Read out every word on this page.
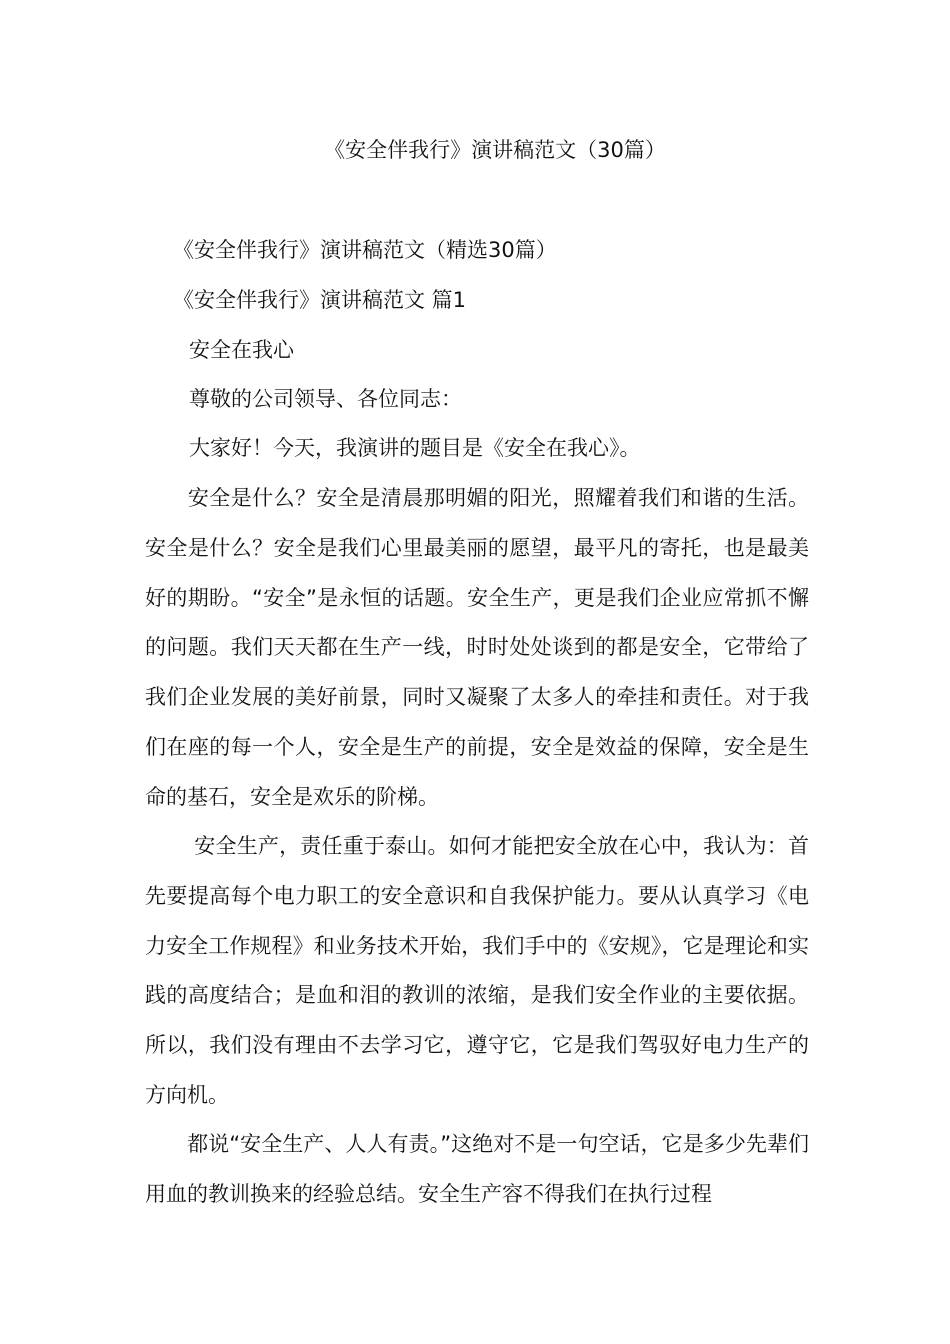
《安全伴我行》演讲稿范文（30篇）
《安全伴我行》演讲稿范文（精选30篇）
《安全伴我行》演讲稿范文 篇1
安全在我心
尊敬的公司领导、各位同志：
大家好！今天，我演讲的题目是《安全在我心》。
　　安全是什么？安全是清晨那明媚的阳光，照耀着我们和谐的生活。安全是什么？安全是我们心里最美丽的愿望，最平凡的寄托，也是最美好的期盼。“安全”是永恒的话题。安全生产，更是我们企业应常抓不懈的问题。我们天天都在生产一线，时时处处谈到的都是安全，它带给了我们企业发展的美好前景，同时又凝聚了太多人的牵挂和责任。对于我们在座的每一个人，安全是生产的前提，安全是效益的保障，安全是生命的基石，安全是欢乐的阶梯。
　　 安全生产，责任重于泰山。如何才能把安全放在心中，我认为：首先要提高每个电力职工的安全意识和自我保护能力。要从认真学习《电力安全工作规程》和业务技术开始，我们手中的《安规》，它是理论和实践的高度结合；是血和泪的教训的浓缩，是我们安全作业的主要依据。所以，我们没有理由不去学习它，遵守它，它是我们驾驭好电力生产的方向机。
　　都说“安全生产、人人有责。”这绝对不是一句空话，它是多少先辈们用血的教训换来的经验总结。安全生产容不得我们在执行过程
